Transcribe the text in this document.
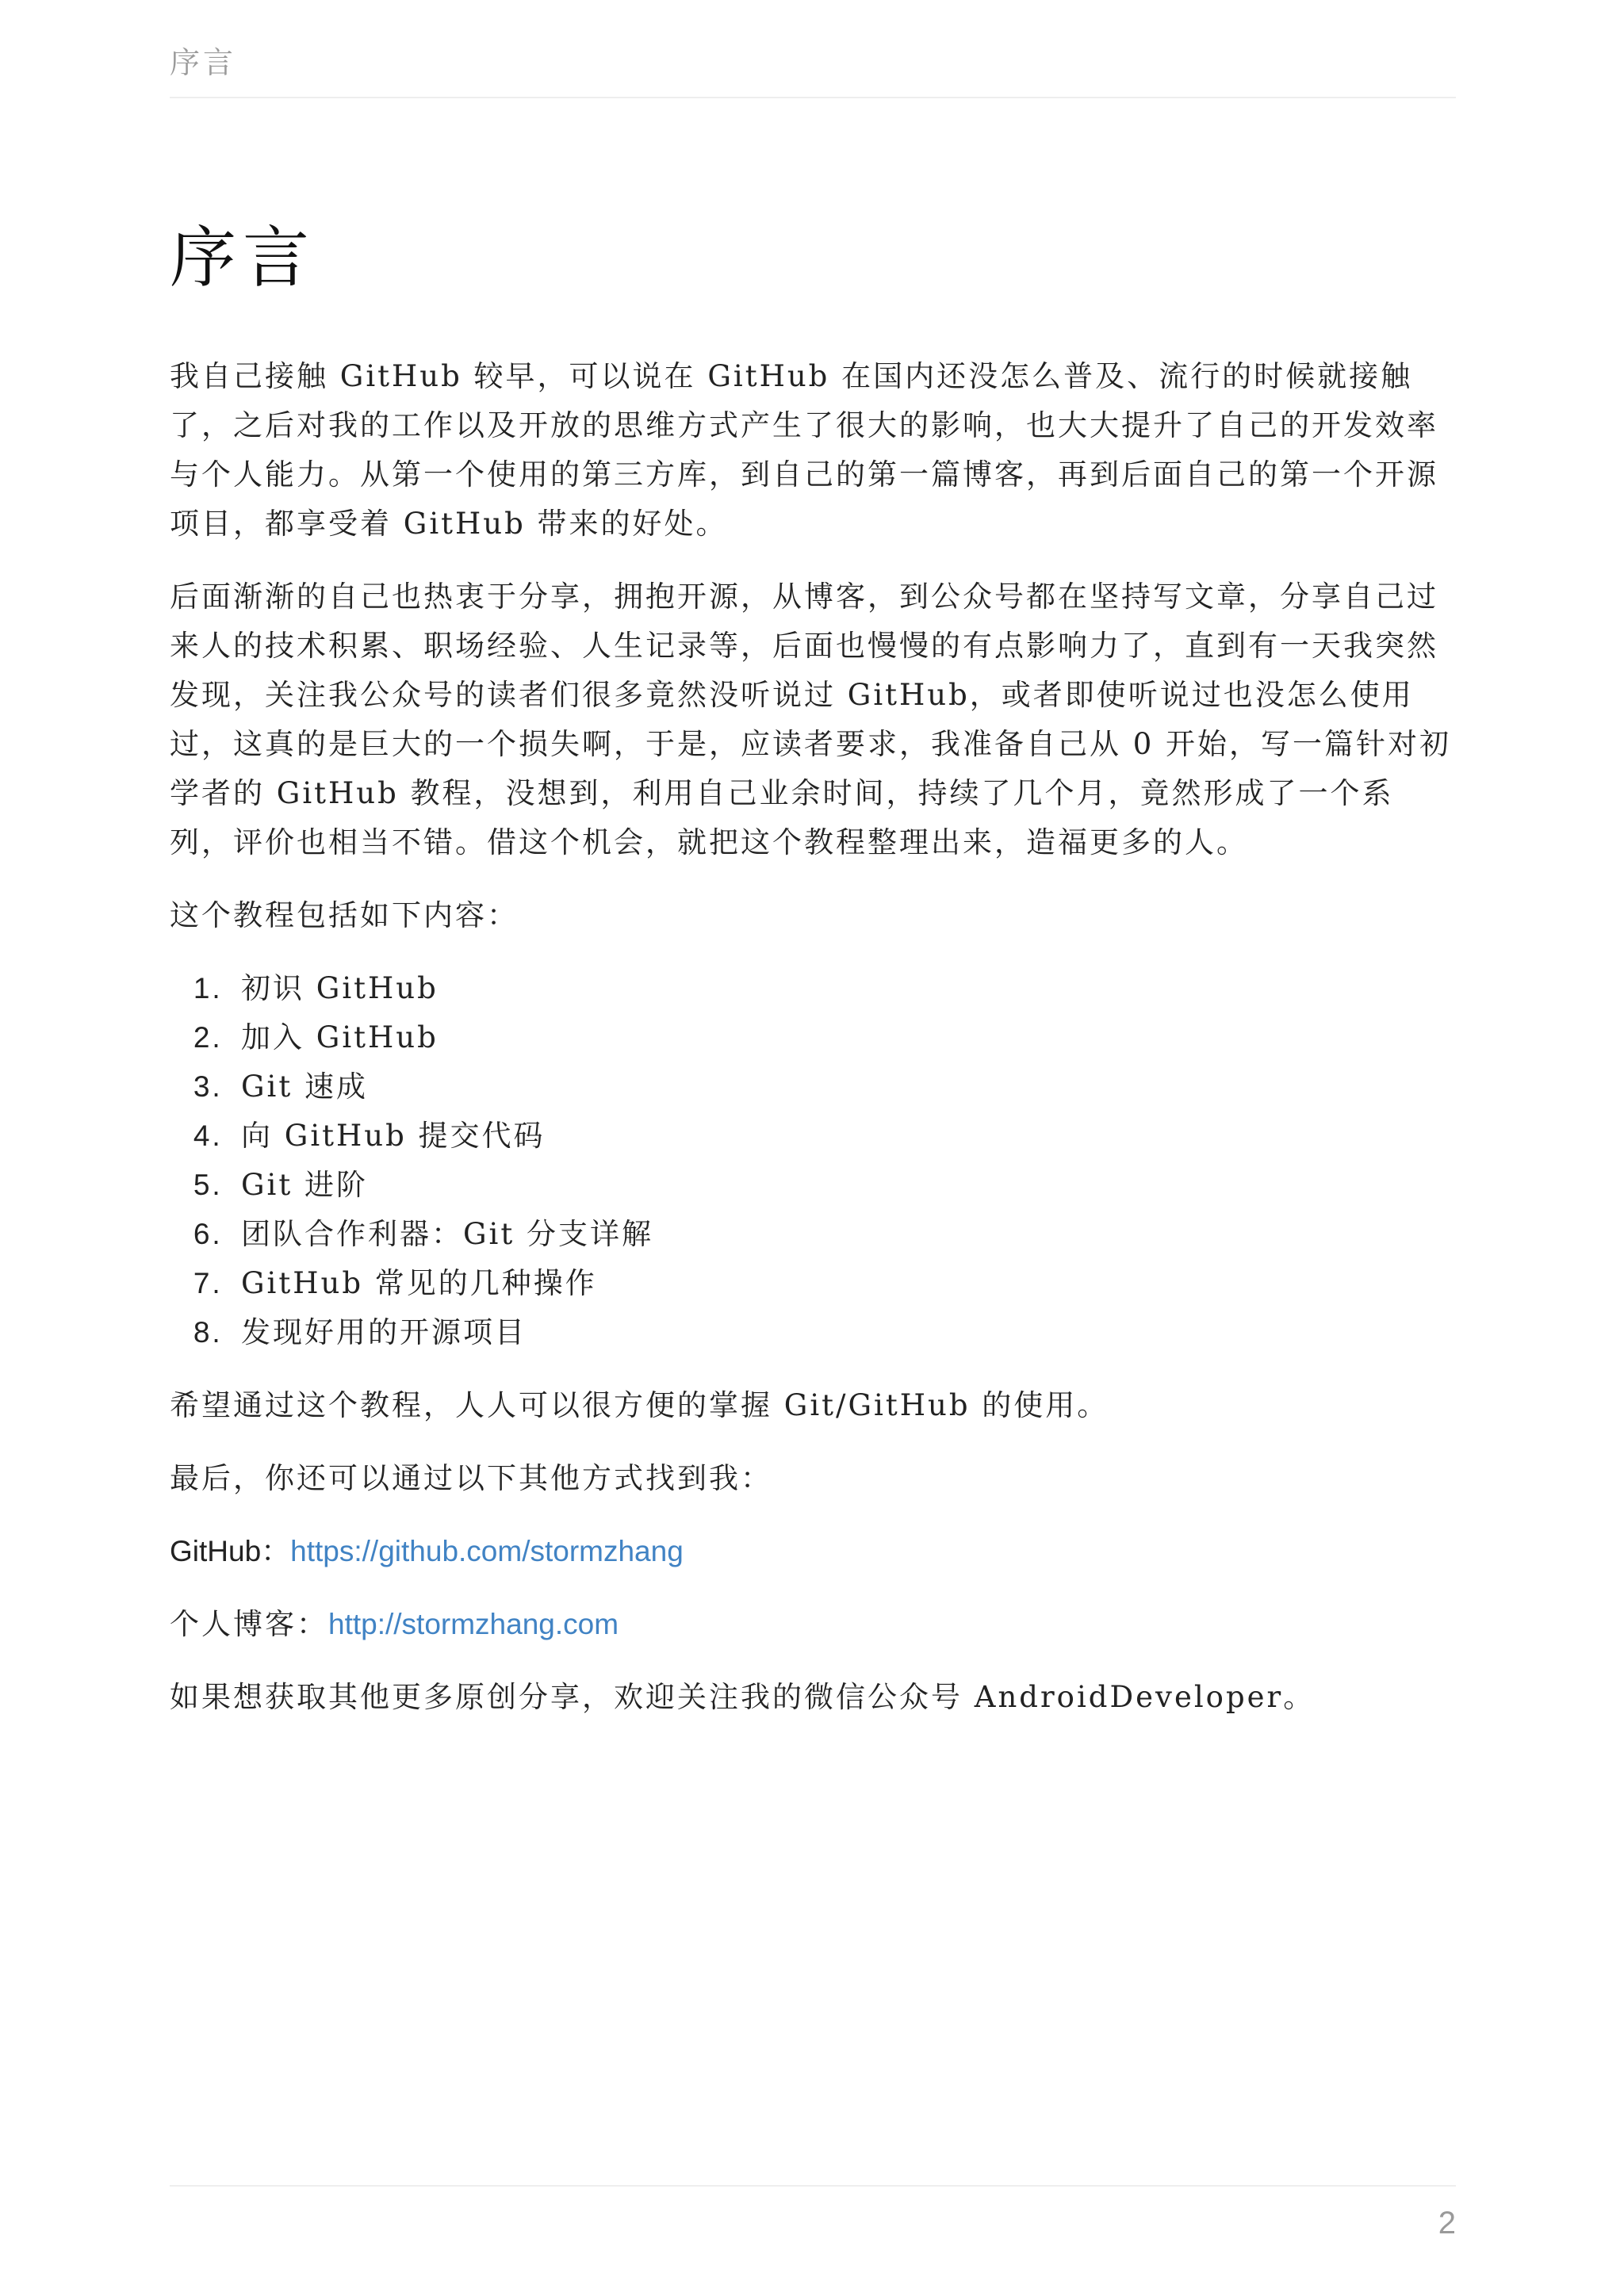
序言
序言

我自己接触 GitHub 较早，可以说在 GitHub 在国内还没怎么普及、流行的时候就接触了，之后对我的工作以及开放的思维方式产生了很大的影响，也大大提升了自己的开发效率与个人能力。从第一个使用的第三方库，到自己的第一篇博客，再到后面自己的第一个开源项目，都享受着 GitHub 带来的好处。

后面渐渐的自己也热衷于分享，拥抱开源，从博客，到公众号都在坚持写文章，分享自己过来人的技术积累、职场经验、人生记录等，后面也慢慢的有点影响力了，直到有一天我突然发现，关注我公众号的读者们很多竟然没听说过 GitHub，或者即使听说过也没怎么使用过，这真的是巨大的一个损失啊，于是，应读者要求，我准备自己从 0 开始，写一篇针对初学者的 GitHub 教程，没想到，利用自己业余时间，持续了几个月，竟然形成了一个系列，评价也相当不错。借这个机会，就把这个教程整理出来，造福更多的人。

这个教程包括如下内容：

1. 初识 GitHub
2. 加入 GitHub
3. Git 速成
4. 向 GitHub 提交代码
5. Git 进阶
6. 团队合作利器：Git 分支详解
7. GitHub 常见的几种操作
8. 发现好用的开源项目

希望通过这个教程，人人可以很方便的掌握 Git/GitHub 的使用。

最后，你还可以通过以下其他方式找到我：

GitHub：https://github.com/stormzhang

个人博客：http://stormzhang.com

如果想获取其他更多原创分享，欢迎关注我的微信公众号 AndroidDeveloper。

2
